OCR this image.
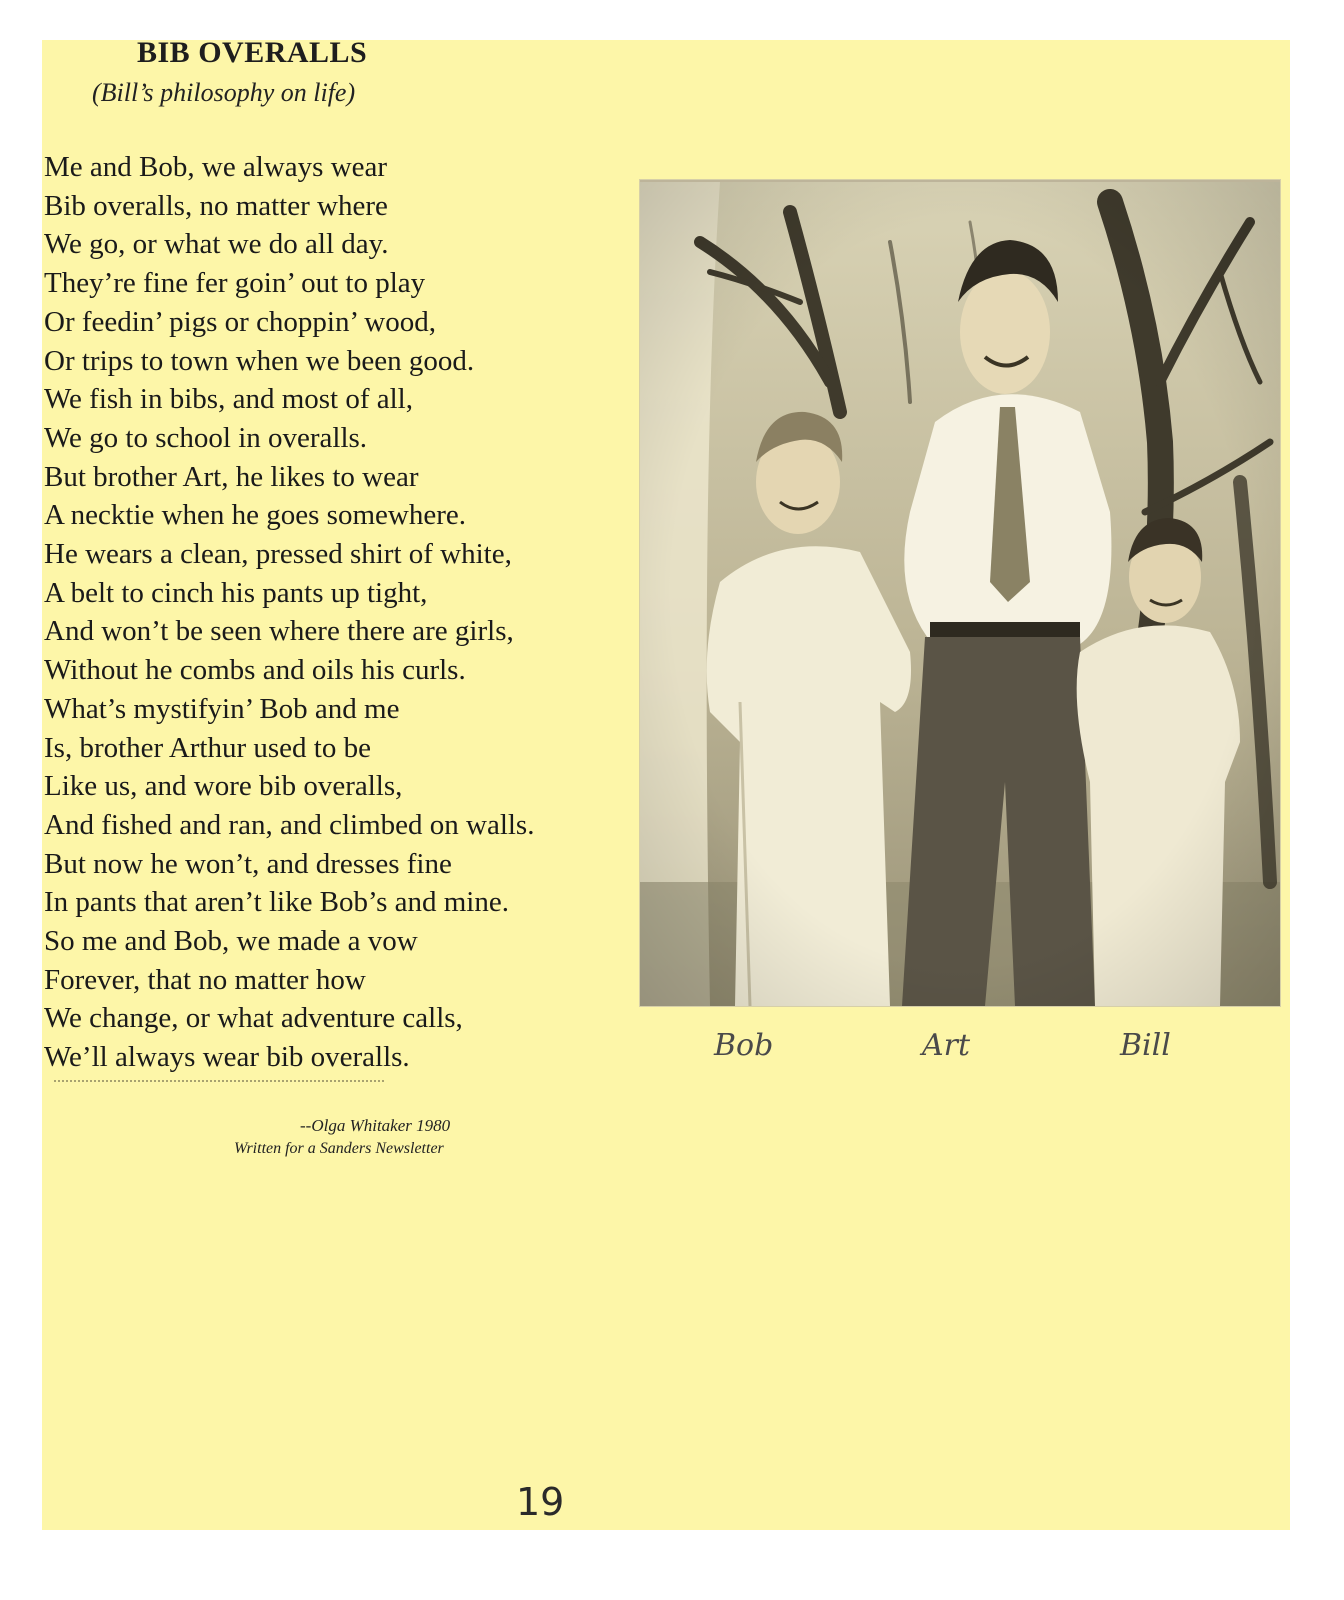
BIB OVERALLS
(Bill’s philosophy on life)
Me and Bob, we always wear
Bib overalls, no matter where
We go, or what we do all day.
They’re fine fer goin’ out to play
Or feedin’ pigs or choppin’ wood,
Or trips to town when we been good.
We fish in bibs, and most of all,
We go to school in overalls.
But brother Art, he likes to wear
A necktie when he goes somewhere.
He wears a clean, pressed shirt of white,
A belt to cinch his pants up tight,
And won’t be seen where there are girls,
Without he combs and oils his curls.
What’s mystifyin’ Bob and me
Is, brother Arthur used to be
Like us, and wore bib overalls,
And fished and ran, and climbed on walls.
But now he won’t, and dresses fine
In pants that aren’t like Bob’s and mine.
So me and Bob, we made a vow
Forever, that no matter how
We change, or what adventure calls,
We’ll always wear bib overalls.
--Olga Whitaker 1980
Written for a Sanders Newsletter
Bob	Art	Bill
19
